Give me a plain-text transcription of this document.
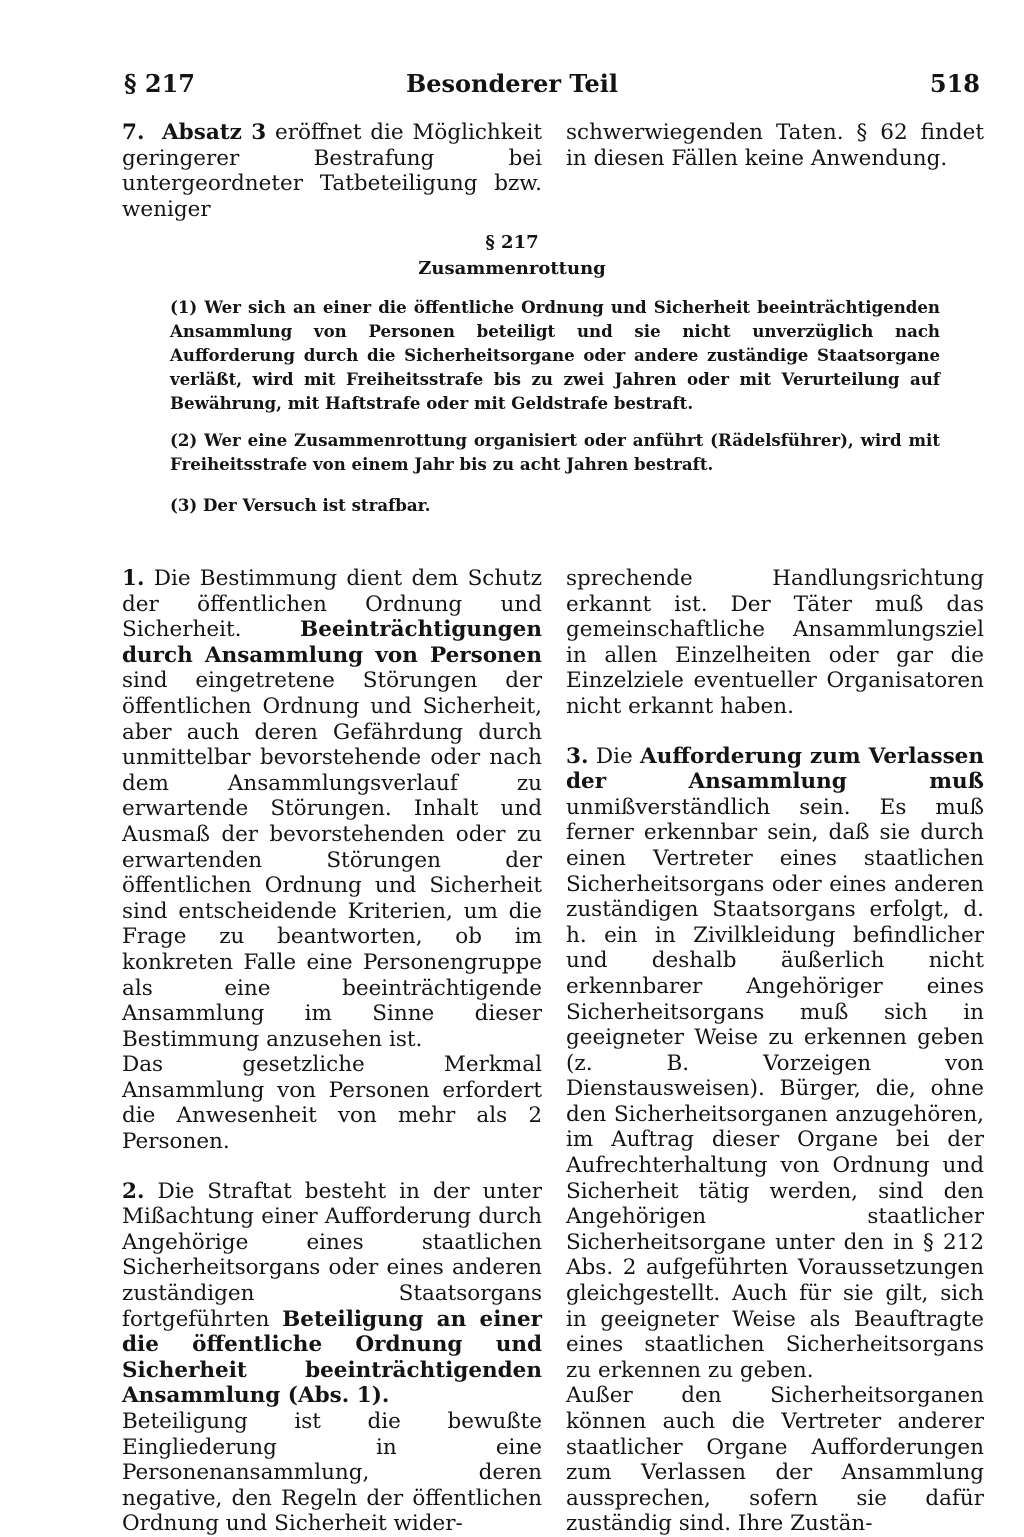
§ 217	Besonderer Teil	518

7. Absatz 3 eröffnet die Möglichkeit geringerer Bestrafung bei untergeordneter Tatbeteiligung bzw. weniger

schwerwiegenden Taten. § 62 findet in diesen Fällen keine Anwendung.

§ 217
Zusammenrottung
(1) Wer sich an einer die öffentliche Ordnung und Sicherheit beeinträchtigenden Ansammlung von Personen beteiligt und sie nicht unverzüglich nach Aufforderung durch die Sicherheitsorgane oder andere zuständige Staatsorgane verläßt, wird mit Freiheitsstrafe bis zu zwei Jahren oder mit Verurteilung auf Bewährung, mit Haftstrafe oder mit Geldstrafe bestraft.
(2) Wer eine Zusammenrottung organisiert oder anführt (Rädelsführer), wird mit Freiheitsstrafe von einem Jahr bis zu acht Jahren bestraft.
(3) Der Versuch ist strafbar.

1. Die Bestimmung dient dem Schutz der öffentlichen Ordnung und Sicherheit. Beeinträchtigungen durch Ansammlung von Personen sind eingetretene Störungen der öffentlichen Ordnung und Sicherheit, aber auch deren Gefährdung durch unmittelbar bevorstehende oder nach dem Ansammlungsverlauf zu erwartende Störungen. Inhalt und Ausmaß der bevorstehenden oder zu erwartenden Störungen der öffentlichen Ordnung und Sicherheit sind entscheidende Kriterien, um die Frage zu beantworten, ob im konkreten Falle eine Personengruppe als eine beeinträchtigende Ansammlung im Sinne dieser Bestimmung anzusehen ist.

Das gesetzliche Merkmal Ansammlung von Personen erfordert die Anwesenheit von mehr als 2 Personen.

2. Die Straftat besteht in der unter Mißachtung einer Aufforderung durch Angehörige eines staatlichen Sicherheitsorgans oder eines anderen zuständigen Staatsorgans fortgeführten Beteiligung an einer die öffentliche Ordnung und Sicherheit beeinträchtigenden Ansammlung (Abs. 1).

Beteiligung ist die bewußte Eingliederung in eine Personenansammlung, deren negative, den Regeln der öffentlichen Ordnung und Sicherheit wider-

sprechende Handlungsrichtung erkannt ist. Der Täter muß das gemeinschaftliche Ansammlungsziel in allen Einzelheiten oder gar die Einzelziele eventueller Organisatoren nicht erkannt haben.

3. Die Aufforderung zum Verlassen der Ansammlung muß unmißverständlich sein. Es muß ferner erkennbar sein, daß sie durch einen Vertreter eines staatlichen Sicherheitsorgans oder eines anderen zuständigen Staatsorgans erfolgt, d. h. ein in Zivilkleidung befindlicher und deshalb äußerlich nicht erkennbarer Angehöriger eines Sicherheitsorgans muß sich in geeigneter Weise zu erkennen geben (z. B. Vorzeigen von Dienstausweisen). Bürger, die, ohne den Sicherheitsorganen anzugehören, im Auftrag dieser Organe bei der Aufrechterhaltung von Ordnung und Sicherheit tätig werden, sind den Angehörigen staatlicher Sicherheitsorgane unter den in § 212 Abs. 2 aufgeführten Voraussetzungen gleichgestellt. Auch für sie gilt, sich in geeigneter Weise als Beauftragte eines staatlichen Sicherheitsorgans zu erkennen zu geben.

Außer den Sicherheitsorganen können auch die Vertreter anderer staatlicher Organe Aufforderungen zum Verlassen der Ansammlung aussprechen, sofern sie dafür zuständig sind. Ihre Zustän-
